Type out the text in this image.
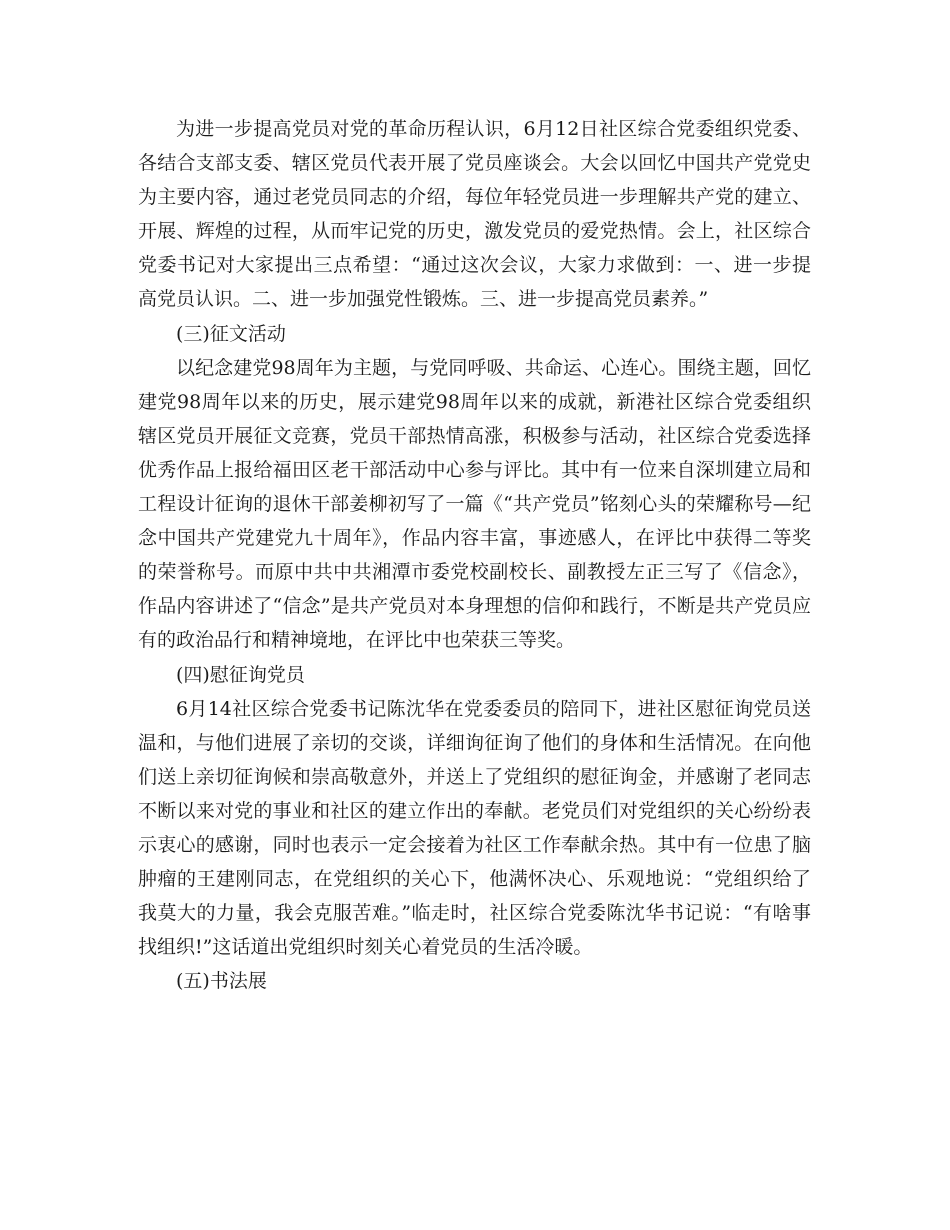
为进一步提高党员对党的革命历程认识，6月12日社区综合党委组织党委、各结合支部支委、辖区党员代表开展了党员座谈会。大会以回忆中国共产党党史为主要内容，通过老党员同志的介绍，每位年轻党员进一步理解共产党的建立、开展、辉煌的过程，从而牢记党的历史，激发党员的爱党热情。会上，社区综合党委书记对大家提出三点希望：“通过这次会议，大家力求做到：一、进一步提高党员认识。二、进一步加强党性锻炼。三、进一步提高党员素养。”

(三)征文活动

以纪念建党98周年为主题，与党同呼吸、共命运、心连心。围绕主题，回忆建党98周年以来的历史，展示建党98周年以来的成就，新港社区综合党委组织辖区党员开展征文竞赛，党员干部热情高涨，积极参与活动，社区综合党委选择优秀作品上报给福田区老干部活动中心参与评比。其中有一位来自深圳建立局和工程设计征询的退休干部姜柳初写了一篇《“共产党员”铭刻心头的荣耀称号—纪念中国共产党建党九十周年》，作品内容丰富，事迹感人，在评比中获得二等奖的荣誉称号。而原中共中共湘潭市委党校副校长、副教授左正三写了《信念》，作品内容讲述了“信念”是共产党员对本身理想的信仰和践行，不断是共产党员应有的政治品行和精神境地，在评比中也荣获三等奖。

(四)慰征询党员

6月14社区综合党委书记陈沈华在党委委员的陪同下，进社区慰征询党员送温和，与他们进展了亲切的交谈，详细询征询了他们的身体和生活情况。在向他们送上亲切征询候和崇高敬意外，并送上了党组织的慰征询金，并感谢了老同志不断以来对党的事业和社区的建立作出的奉献。老党员们对党组织的关心纷纷表示衷心的感谢，同时也表示一定会接着为社区工作奉献余热。其中有一位患了脑肿瘤的王建刚同志，在党组织的关心下，他满怀决心、乐观地说：“党组织给了我莫大的力量，我会克服苦难。”临走时，社区综合党委陈沈华书记说：“有啥事找组织!”这话道出党组织时刻关心着党员的生活冷暖。

(五)书法展
